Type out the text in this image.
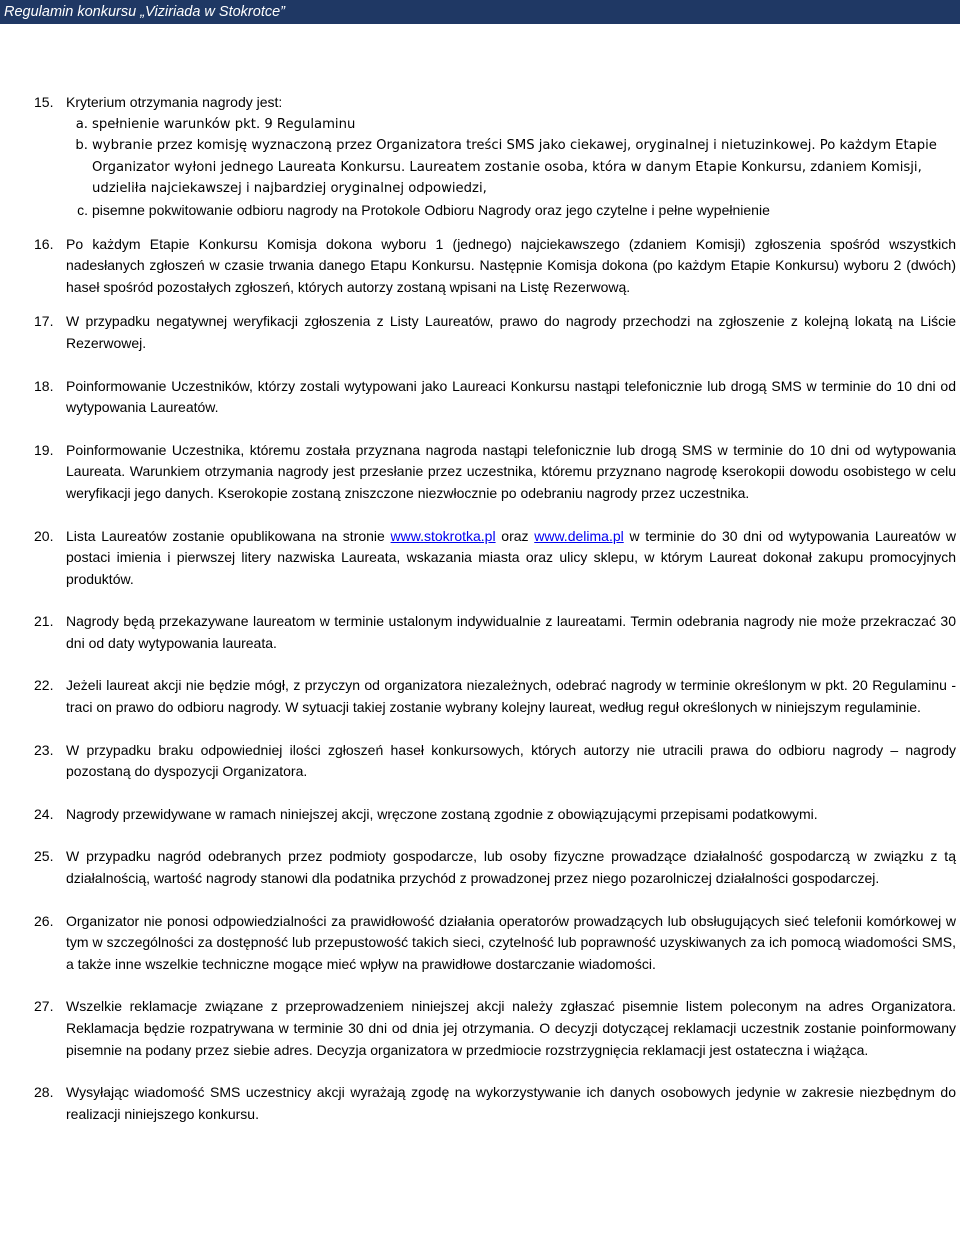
Regulamin konkursu „Viziriada w Stokrotce”
15. Kryterium otrzymania nagrody jest:
a. spełnienie warunków pkt. 9 Regulaminu
b. wybranie przez komisję wyznaczoną przez Organizatora treści SMS jako ciekawej, oryginalnej i nietuzinkowej. Po każdym Etapie Organizator wyłoni jednego Laureata Konkursu. Laureatem zostanie osoba, która w danym Etapie Konkursu, zdaniem Komisji, udzieliła najciekawszej i najbardziej oryginalnej odpowiedzi,
c. pisemne pokwitowanie odbioru nagrody na Protokole Odbioru Nagrody oraz jego czytelne i pełne wypełnienie
16. Po każdym Etapie Konkursu Komisja dokona wyboru 1 (jednego) najciekawszego (zdaniem Komisji) zgłoszenia spośród wszystkich nadesłanych zgłoszeń w czasie trwania danego Etapu Konkursu. Następnie Komisja dokona (po każdym Etapie Konkursu) wyboru 2 (dwóch) haseł spośród pozostałych zgłoszeń, których autorzy zostaną wpisani na Listę Rezerwową.
17. W przypadku negatywnej weryfikacji zgłoszenia z Listy Laureatów, prawo do nagrody przechodzi na zgłoszenie z kolejną lokatą na Liście Rezerwowej.
18. Poinformowanie Uczestników, którzy zostali wytypowani jako Laureaci Konkursu nastąpi telefonicznie lub drogą SMS w terminie do 10 dni od wytypowania Laureatów.
19. Poinformowanie Uczestnika, któremu została przyznana nagroda nastąpi telefonicznie lub drogą SMS w terminie do 10 dni od wytypowania Laureata. Warunkiem otrzymania nagrody jest przesłanie przez uczestnika, któremu przyznano nagrodę kserokopii dowodu osobistego w celu weryfikacji jego danych. Kserokopie zostaną zniszczone niezwłocznie po odebraniu nagrody przez uczestnika.
20. Lista Laureatów zostanie opublikowana na stronie www.stokrotka.pl oraz www.delima.pl w terminie do 30 dni od wytypowania Laureatów w postaci imienia i pierwszej litery nazwiska Laureata, wskazania miasta oraz ulicy sklepu, w którym Laureat dokonał zakupu promocyjnych produktów.
21. Nagrody będą przekazywane laureatom w terminie ustalonym indywidualnie z laureatami. Termin odebrania nagrody nie może przekraczać 30 dni od daty wytypowania laureata.
22. Jeżeli laureat akcji nie będzie mógł, z przyczyn od organizatora niezależnych, odebrać nagrody w terminie określonym w pkt. 20 Regulaminu - traci on prawo do odbioru nagrody. W sytuacji takiej zostanie wybrany kolejny laureat, według reguł określonych w niniejszym regulaminie.
23. W przypadku braku odpowiedniej ilości zgłoszeń haseł konkursowych, których autorzy nie utracili prawa do odbioru nagrody – nagrody pozostaną do dyspozycji Organizatora.
24. Nagrody przewidywane w ramach niniejszej akcji, wręczone zostaną zgodnie z obowiązującymi przepisami podatkowymi.
25. W przypadku nagród odebranych przez podmioty gospodarcze, lub osoby fizyczne prowadzące działalność gospodarczą w związku z tą działalnością, wartość nagrody stanowi dla podatnika przychód z prowadzonej przez niego pozarolniczej działalności gospodarczej.
26. Organizator nie ponosi odpowiedzialności za prawidłowość działania operatorów prowadzących lub obsługujących sieć telefonii komórkowej w tym w szczególności za dostępność lub przepustowość takich sieci, czytelność lub poprawność uzyskiwanych za ich pomocą wiadomości SMS, a także inne wszelkie techniczne mogące mieć wpływ na prawidłowe dostarczanie wiadomości.
27. Wszelkie reklamacje związane z przeprowadzeniem niniejszej akcji należy zgłaszać pisemnie listem poleconym na adres Organizatora. Reklamacja będzie rozpatrywana w terminie 30 dni od dnia jej otrzymania. O decyzji dotyczącej reklamacji uczestnik zostanie poinformowany pisemnie na podany przez siebie adres. Decyzja organizatora w przedmiocie rozstrzygnięcia reklamacji jest ostateczna i wiążąca.
28. Wysyłając wiadomość SMS uczestnicy akcji wyrażają zgodę na wykorzystywanie ich danych osobowych jedynie w zakresie niezbędnym do realizacji niniejszego konkursu.
